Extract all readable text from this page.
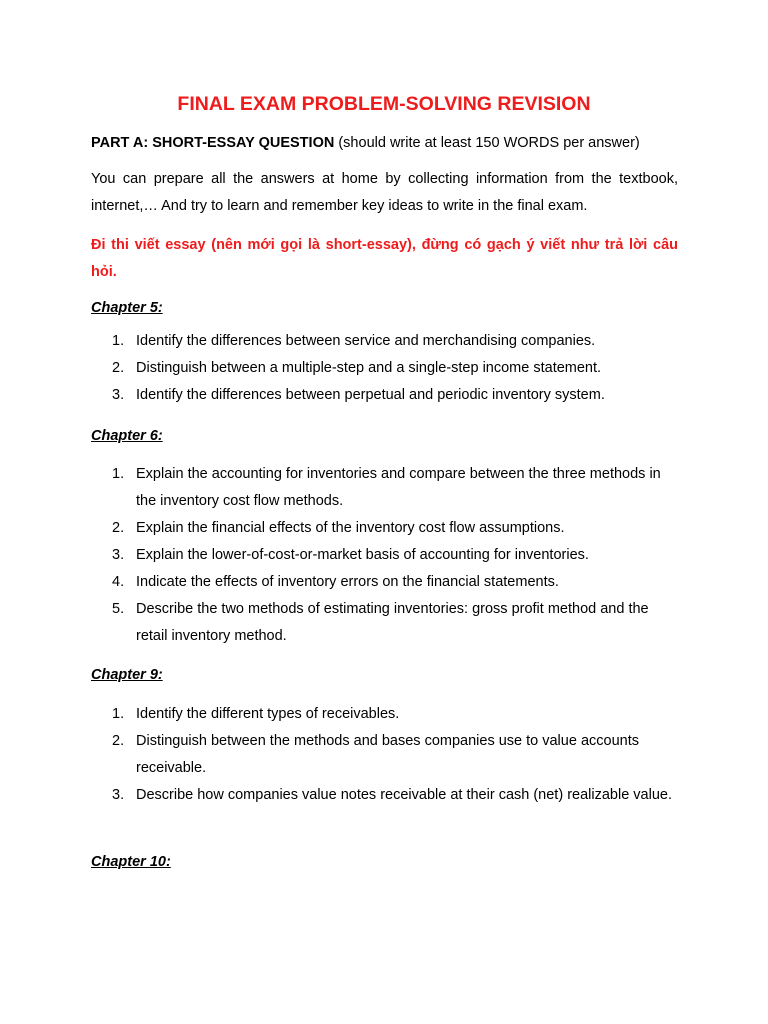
FINAL EXAM PROBLEM-SOLVING REVISION
PART A: SHORT-ESSAY QUESTION (should write at least 150 WORDS per answer)
You can prepare all the answers at home by collecting information from the textbook, internet,… And try to learn and remember key ideas to write in the final exam.
Đi thi viết essay (nên mới gọi là short-essay), đừng có gạch ý viết như trả lời câu hỏi.
Chapter 5:
1. Identify the differences between service and merchandising companies.
2. Distinguish between a multiple-step and a single-step income statement.
3. Identify the differences between perpetual and periodic inventory system.
Chapter 6:
1. Explain the accounting for inventories and compare between the three methods in the inventory cost flow methods.
2. Explain the financial effects of the inventory cost flow assumptions.
3. Explain the lower-of-cost-or-market basis of accounting for inventories.
4. Indicate the effects of inventory errors on the financial statements.
5. Describe the two methods of estimating inventories: gross profit method and the retail inventory method.
Chapter 9:
1. Identify the different types of receivables.
2. Distinguish between the methods and bases companies use to value accounts receivable.
3. Describe how companies value notes receivable at their cash (net) realizable value.
Chapter 10:
